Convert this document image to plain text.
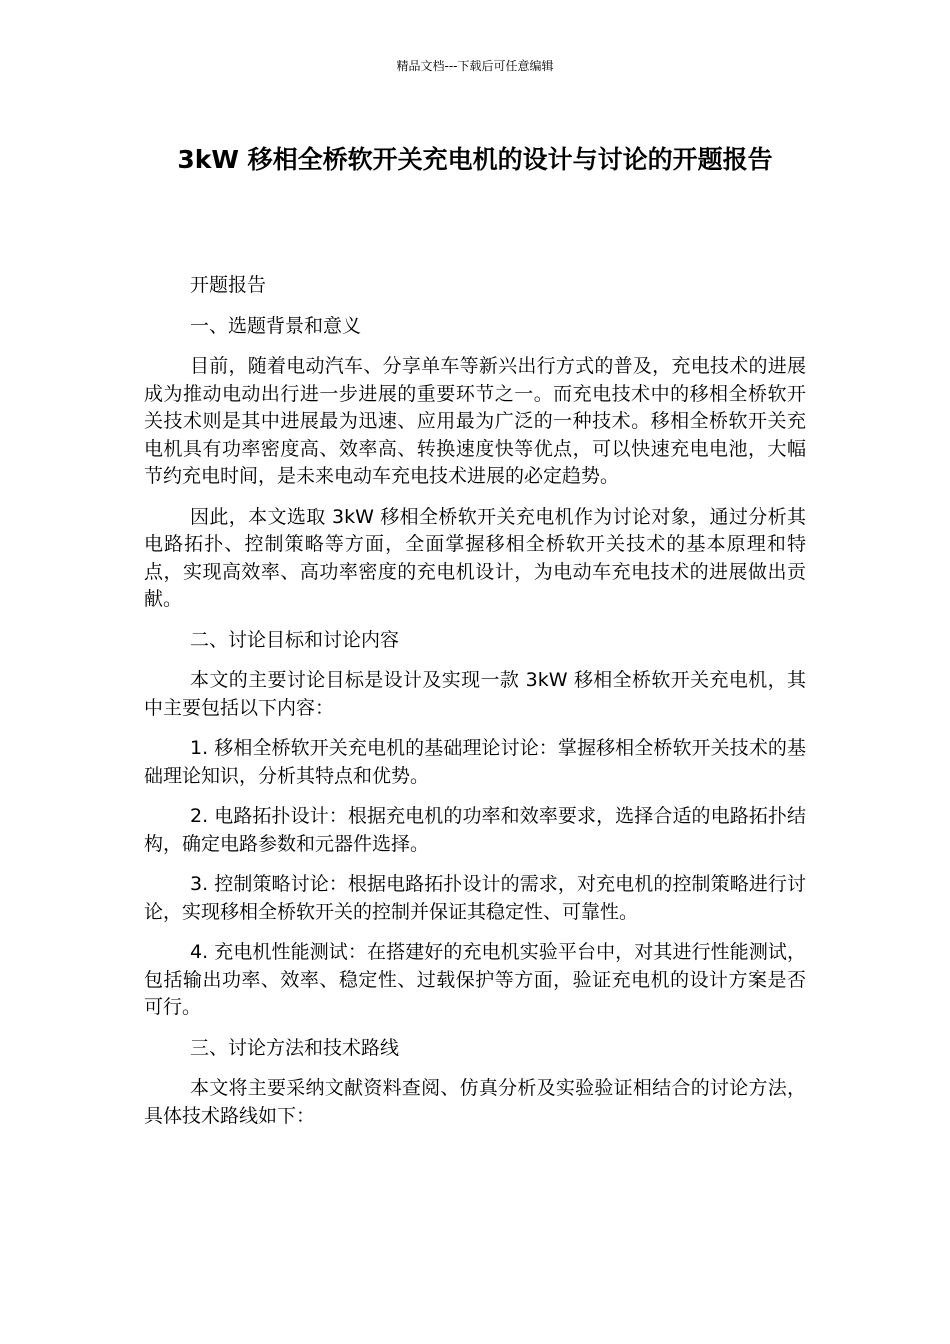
精品文档---下载后可任意编辑
3kW 移相全桥软开关充电机的设计与讨论的开题报告

开题报告

一、选题背景和意义

目前，随着电动汽车、分享单车等新兴出行方式的普及，充电技术的进展成为推动电动出行进一步进展的重要环节之一。而充电技术中的移相全桥软开关技术则是其中进展最为迅速、应用最为广泛的一种技术。移相全桥软开关充电机具有功率密度高、效率高、转换速度快等优点，可以快速充电电池，大幅节约充电时间，是未来电动车充电技术进展的必定趋势。

因此，本文选取 3kW 移相全桥软开关充电机作为讨论对象，通过分析其电路拓扑、控制策略等方面，全面掌握移相全桥软开关技术的基本原理和特点，实现高效率、高功率密度的充电机设计，为电动车充电技术的进展做出贡献。

二、讨论目标和讨论内容

本文的主要讨论目标是设计及实现一款 3kW 移相全桥软开关充电机，其中主要包括以下内容：

1. 移相全桥软开关充电机的基础理论讨论：掌握移相全桥软开关技术的基础理论知识，分析其特点和优势。

2. 电路拓扑设计：根据充电机的功率和效率要求，选择合适的电路拓扑结构，确定电路参数和元器件选择。

3. 控制策略讨论：根据电路拓扑设计的需求，对充电机的控制策略进行讨论，实现移相全桥软开关的控制并保证其稳定性、可靠性。

4. 充电机性能测试：在搭建好的充电机实验平台中，对其进行性能测试，包括输出功率、效率、稳定性、过载保护等方面，验证充电机的设计方案是否可行。

三、讨论方法和技术路线

本文将主要采纳文献资料查阅、仿真分析及实验验证相结合的讨论方法，具体技术路线如下：
